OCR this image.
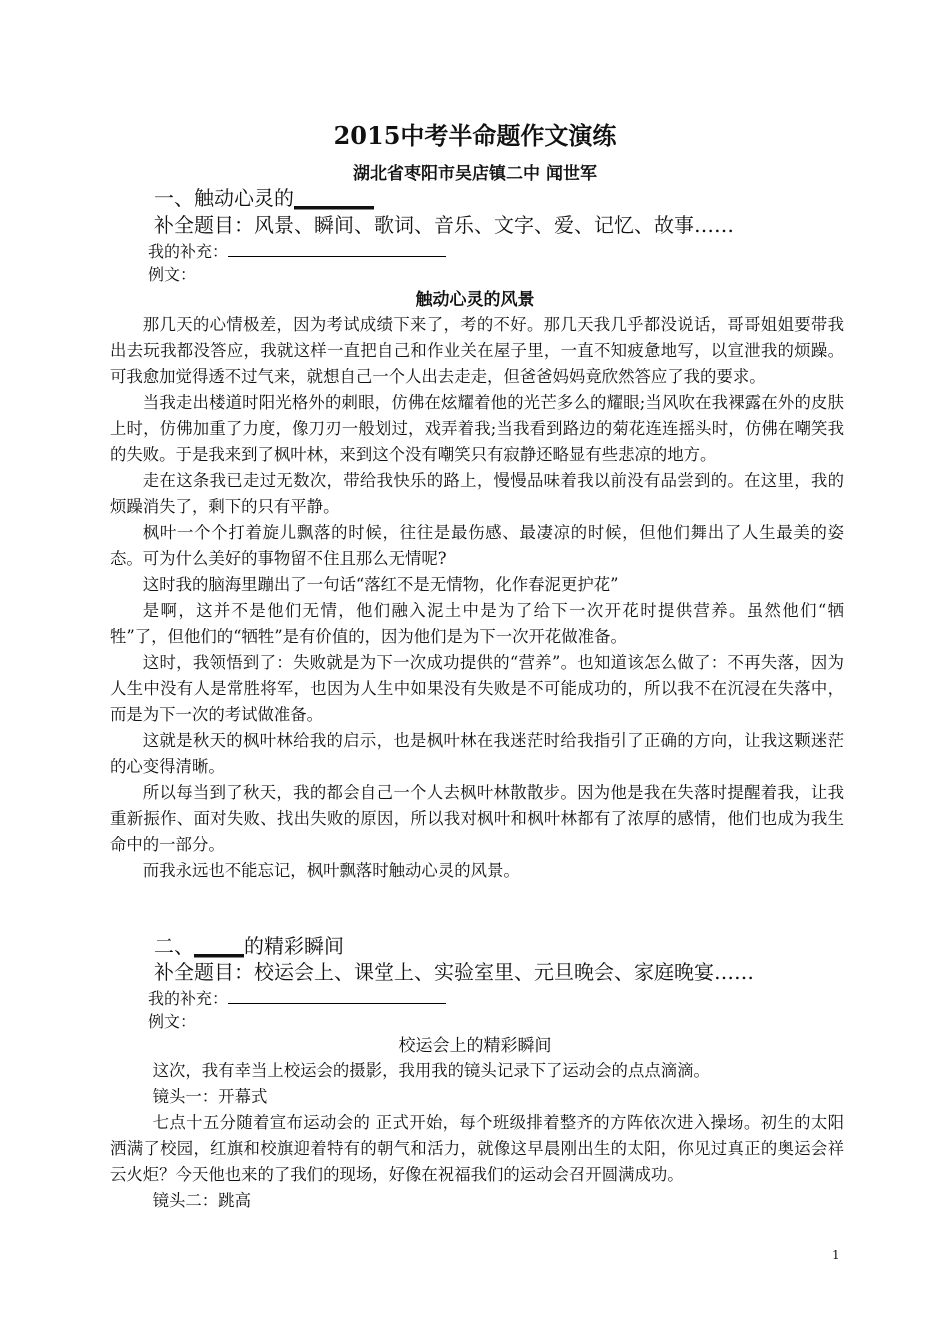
2015中考半命题作文演练
湖北省枣阳市吴店镇二中 闻世军
一、触动心灵的________
补全题目：风景、瞬间、歌词、音乐、文字、爱、记忆、故事……
我的补充：
例文：
触动心灵的风景

那几天的心情极差，因为考试成绩下来了，考的不好。那几天我几乎都没说话，哥哥姐姐要带我出去玩我都没答应，我就这样一直把自己和作业关在屋子里，一直不知疲惫地写，以宣泄我的烦躁。可我愈加觉得透不过气来，就想自己一个人出去走走，但爸爸妈妈竟欣然答应了我的要求。

当我走出楼道时阳光格外的刺眼，仿佛在炫耀着他的光芒多么的耀眼;当风吹在我裸露在外的皮肤上时，仿佛加重了力度，像刀刃一般划过，戏弄着我;当我看到路边的菊花连连摇头时，仿佛在嘲笑我的失败。于是我来到了枫叶林，来到这个没有嘲笑只有寂静还略显有些悲凉的地方。

走在这条我已走过无数次，带给我快乐的路上，慢慢品味着我以前没有品尝到的。在这里，我的烦躁消失了，剩下的只有平静。

枫叶一个个打着旋儿飘落的时候，往往是最伤感、最凄凉的时候，但他们舞出了人生最美的姿态。可为什么美好的事物留不住且那么无情呢?

这时我的脑海里蹦出了一句话“落红不是无情物，化作春泥更护花”

是啊，这并不是他们无情，他们融入泥土中是为了给下一次开花时提供营养。虽然他们“牺牲”了，但他们的“牺牲”是有价值的，因为他们是为下一次开花做准备。

这时，我领悟到了：失败就是为下一次成功提供的“营养”。也知道该怎么做了：不再失落，因为人生中没有人是常胜将军，也因为人生中如果没有失败是不可能成功的，所以我不在沉浸在失落中，而是为下一次的考试做准备。

这就是秋天的枫叶林给我的启示，也是枫叶林在我迷茫时给我指引了正确的方向，让我这颗迷茫的心变得清晰。

所以每当到了秋天，我的都会自己一个人去枫叶林散散步。因为他是我在失落时提醒着我，让我重新振作、面对失败、找出失败的原因，所以我对枫叶和枫叶林都有了浓厚的感情，他们也成为我生命中的一部分。

而我永远也不能忘记，枫叶飘落时触动心灵的风景。

二、_____的精彩瞬间
补全题目：校运会上、课堂上、实验室里、元旦晚会、家庭晚宴……
我的补充：
例文：
校运会上的精彩瞬间

这次，我有幸当上校运会的摄影，我用我的镜头记录下了运动会的点点滴滴。

镜头一：开幕式

七点十五分随着宣布运动会的 正式开始，每个班级排着整齐的方阵依次进入操场。初生的太阳洒满了校园，红旗和校旗迎着特有的朝气和活力，就像这早晨刚出生的太阳，你见过真正的奥运会祥云火炬？今天他也来的了我们的现场，好像在祝福我们的运动会召开圆满成功。

镜头二：跳高

1
